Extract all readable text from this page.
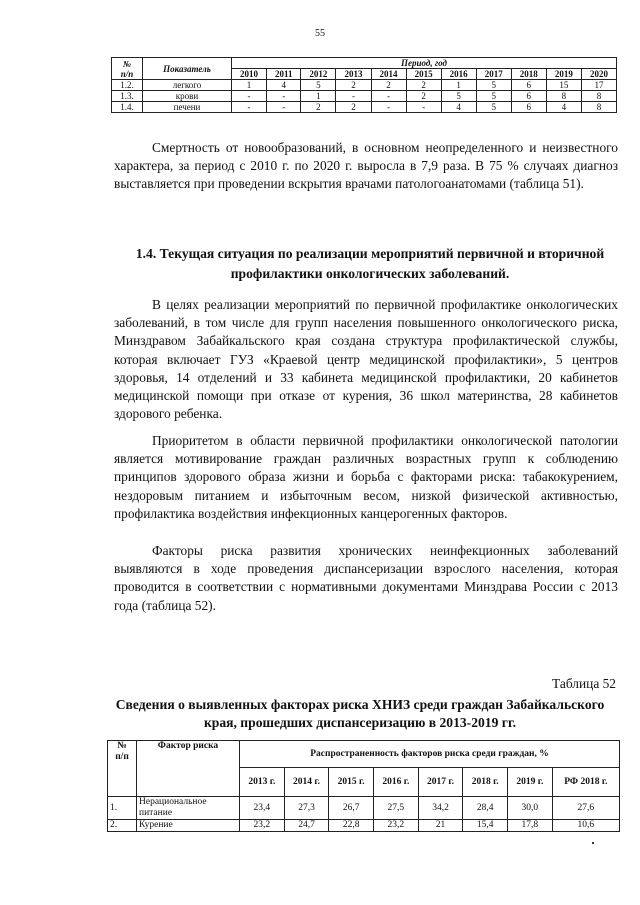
55
№
п/п	Показатель	Период, год										
		2010	2011	2012	2013	2014	2015	2016	2017	2018	2019	2020
1.2.	легкого	1	4	5	2	2	2	1	5	6	15	17
1.3.	крови	-	-	1	-	-	2	5	5	6	8	8
1.4.	печени	-	-	2	2	-	-	4	5	6	4	8

Смертность от новообразований, в основном неопределенного и неизвестного характера, за период с 2010 г. по 2020 г. выросла в 7,9 раза. В 75 % случаях диагноз выставляется при проведении вскрытия врачами патологоанатомами (таблица 51).

1.4. Текущая ситуация по реализации мероприятий первичной и вторичной профилактики онкологических заболеваний.

В целях реализации мероприятий по первичной профилактике онкологических заболеваний, в том числе для групп населения повышенного онкологического риска, Минздравом Забайкальского края создана структура профилактической службы, которая включает ГУЗ «Краевой центр медицинской профилактики», 5 центров здоровья, 14 отделений и 33 кабинета медицинской профилактики, 20 кабинетов медицинской помощи при отказе от курения, 36 школ материнства, 28 кабинетов здорового ребенка.

Приоритетом в области первичной профилактики онкологической патологии является мотивирование граждан различных возрастных групп к соблюдению принципов здорового образа жизни и борьба с факторами риска: табакокурением, нездоровым питанием и избыточным весом, низкой физической активностью, профилактика воздействия инфекционных канцерогенных факторов.

Факторы риска развития хронических неинфекционных заболеваний выявляются в ходе проведения диспансеризации взрослого населения, которая проводится в соответствии с нормативными документами Минздрава России с 2013 года (таблица 52).

Таблица 52

Сведения о выявленных факторах риска ХНИЗ среди граждан Забайкальского края, прошедших диспансеризацию в 2013-2019 гг.

№
п/п	Фактор риска	Распространенность факторов риска среди граждан, %							
		2013 г.	2014 г.	2015 г.	2016 г.	2017 г.	2018 г.	2019 г.	РФ 2018 г.
1.	Нерациональное питание	23,4	27,3	26,7	27,5	34,2	28,4	30,0	27,6
2.	Курение	23,2	24,7	22,8	23,2	21	15,4	17,8	10,6
